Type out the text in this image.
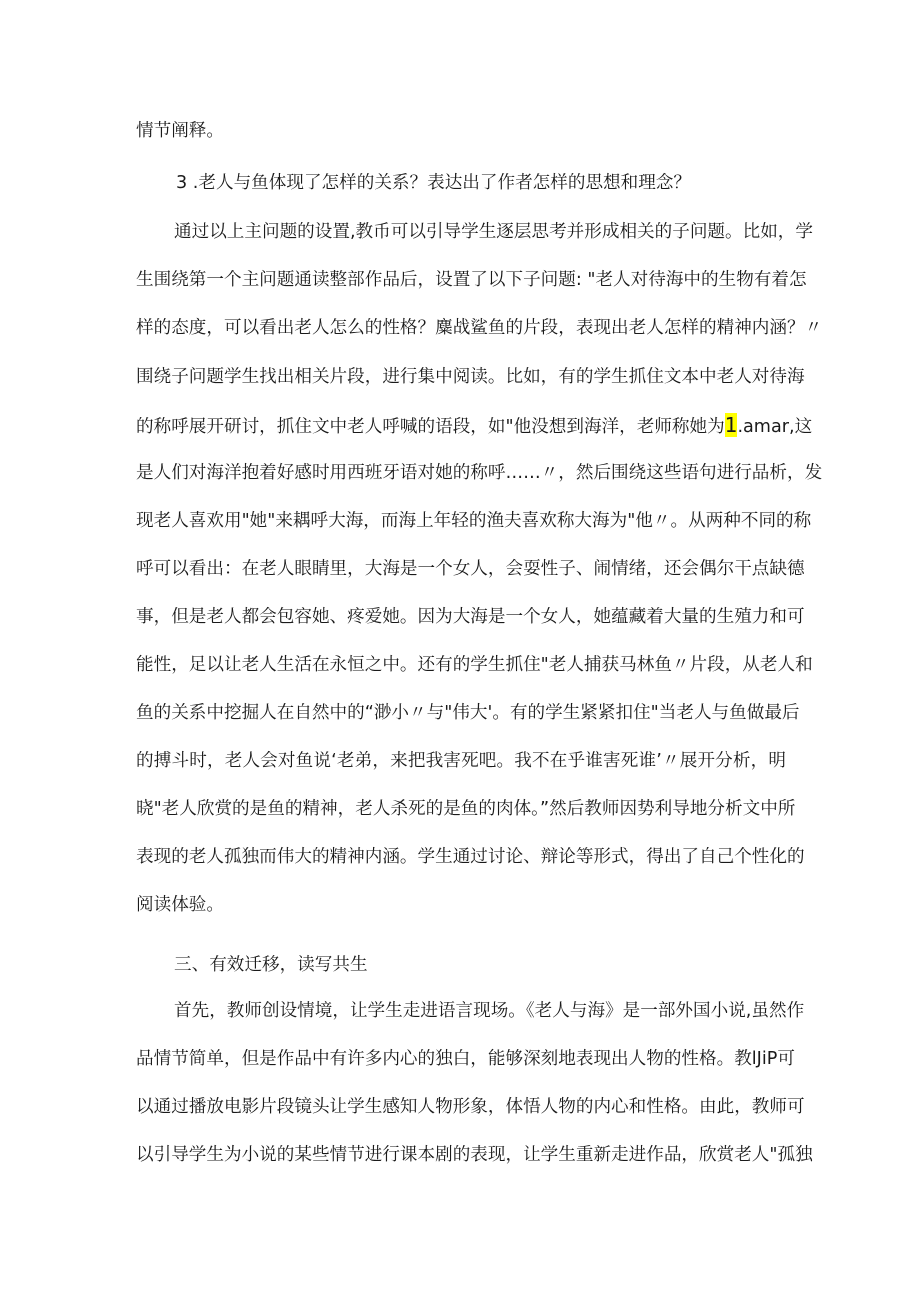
情节阐释。
3 .老人与鱼体现了怎样的关系？表达出了作者怎样的思想和理念？
通过以上主问题的设置,教币可以引导学生逐层思考并形成相关的子问题。比如，学
生围绕第一个主问题通读整部作品后，设置了以下子问题: "老人对待海中的生物有着怎
样的态度，可以看出老人怎么的性格？麋战鲨鱼的片段，表现出老人怎样的精神内涵？〃
围绕子问题学生找出相关片段，进行集中阅读。比如，有的学生抓住文本中老人对待海
的称呼展开研讨，抓住文中老人呼喊的语段，如"他没想到海洋，老师称她为1.amar,这
是人们对海洋抱着好感时用西班牙语对她的称呼……〃，然后围绕这些语句进行品析，发
现老人喜欢用"她"来耦呼大海，而海上年轻的渔夫喜欢称大海为"他〃。从两种不同的称
呼可以看出：在老人眼睛里，大海是一个女人，会耍性子、闹情绪，还会偶尔干点缺德
事，但是老人都会包容她、疼爱她。因为大海是一个女人，她蕴藏着大量的生殖力和可
能性，足以让老人生活在永恒之中。还有的学生抓住"老人捕获马林鱼〃片段，从老人和
鱼的关系中挖掘人在自然中的“渺小〃与"伟大'。有的学生紧紧扣住"当老人与鱼做最后
的搏斗时，老人会对鱼说‘老弟，来把我害死吧。我不在乎谁害死谁’〃展开分析，明
晓"老人欣赏的是鱼的精神，老人杀死的是鱼的肉体。”然后教师因势利导地分析文中所
表现的老人孤独而伟大的精神内涵。学生通过讨论、辩论等形式，得出了自己个性化的
阅读体验。
三、有效迁移，读写共生
首先，教师创设情境，让学生走进语言现场。《老人与海》是一部外国小说,虽然作
品情节简单，但是作品中有许多内心的独白，能够深刻地表现出人物的性格。教lJiP可
以通过播放电影片段镜头让学生感知人物形象，体悟人物的内心和性格。由此，教师可
以引导学生为小说的某些情节进行课本剧的表现，让学生重新走进作品，欣赏老人"孤独
